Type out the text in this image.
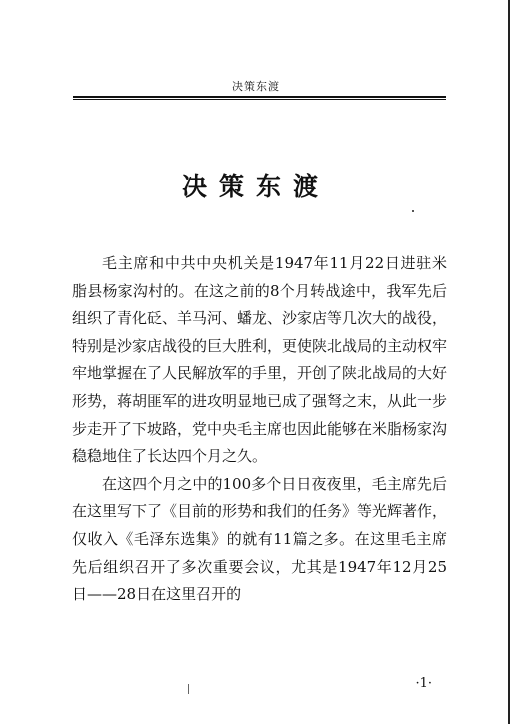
决策东渡
决策东渡

毛主席和中共中央机关是1947年11月22日进驻米脂县杨家沟村的。在这之前的8个月转战途中，我军先后组织了青化砭、羊马河、蟠龙、沙家店等几次大的战役，特别是沙家店战役的巨大胜利，更使陕北战局的主动权牢牢地掌握在了人民解放军的手里，开创了陕北战局的大好形势，蒋胡匪军的进攻明显地已成了强弩之末，从此一步步走开了下坡路，党中央毛主席也因此能够在米脂杨家沟稳稳地住了长达四个月之久。

在这四个月之中的100多个日日夜夜里，毛主席先后在这里写下了《目前的形势和我们的任务》等光辉著作，仅收入《毛泽东选集》的就有11篇之多。在这里毛主席先后组织召开了多次重要会议，尤其是1947年12月25日——28日在这里召开的

·1·
